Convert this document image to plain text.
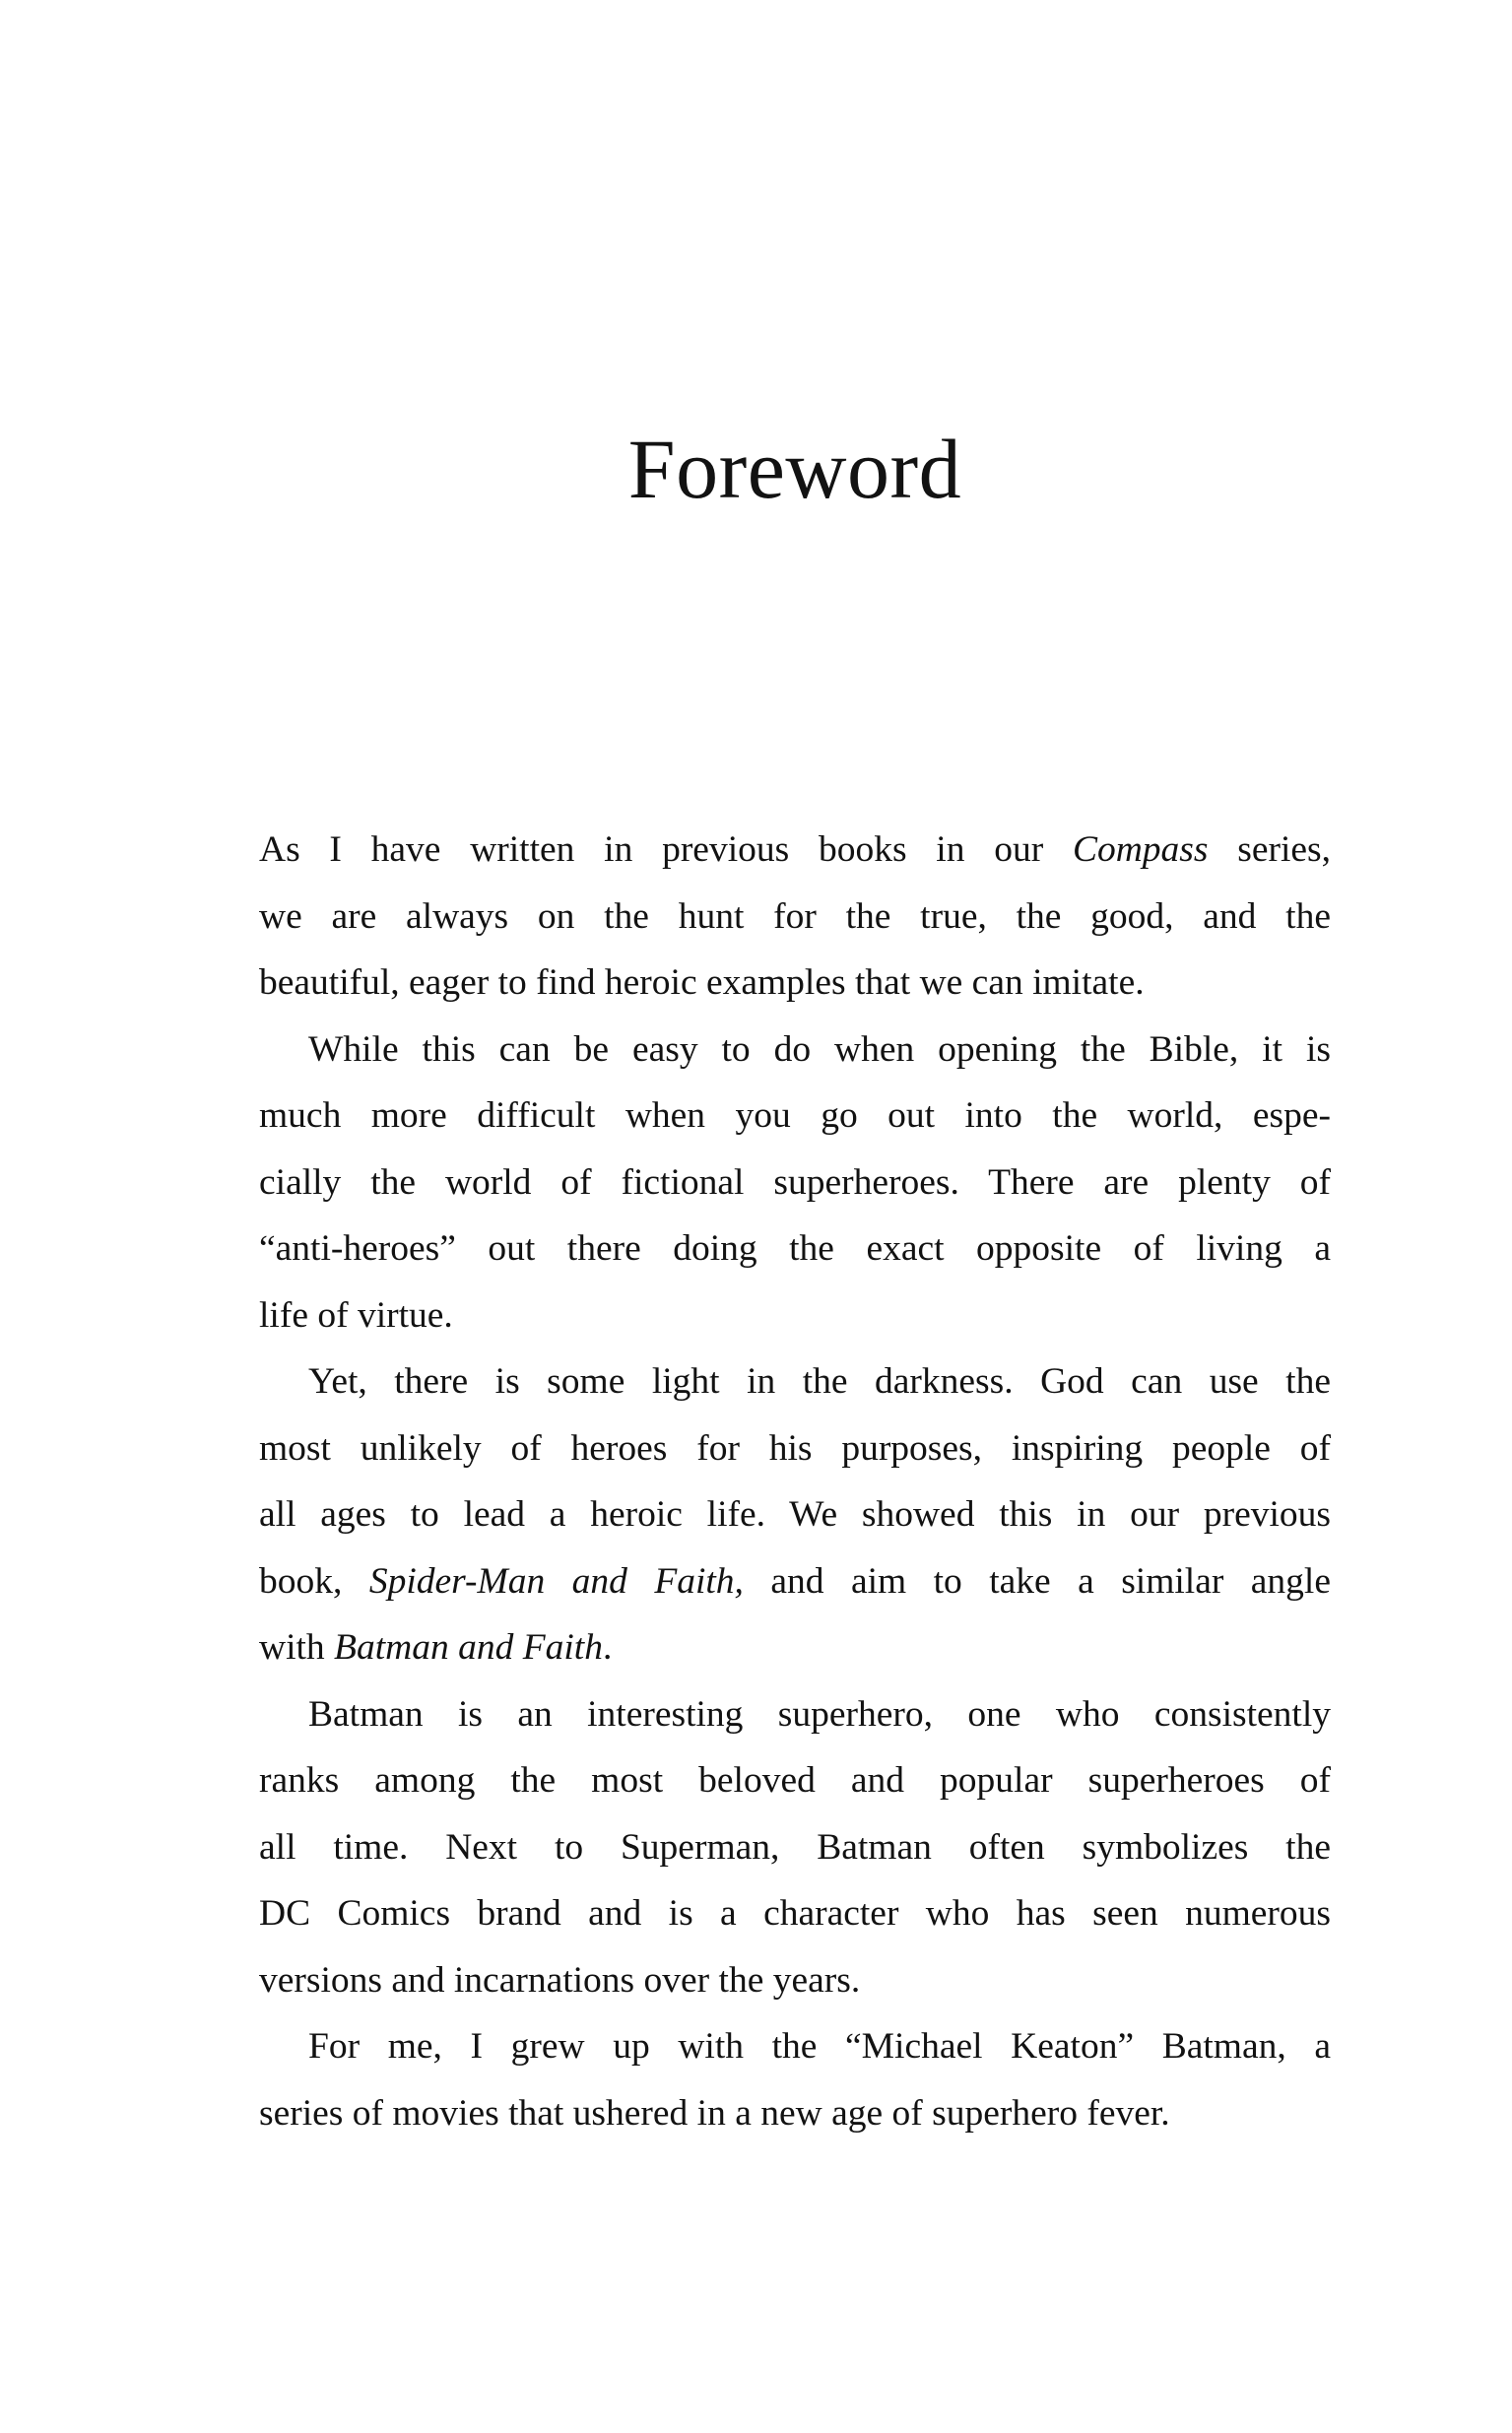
Foreword

As I have written in previous books in our Compass series,
we are always on the hunt for the true, the good, and the
beautiful, eager to find heroic examples that we can imitate.

While this can be easy to do when opening the Bible, it is
much more difficult when you go out into the world, espe-
cially the world of fictional superheroes. There are plenty of
“anti-heroes” out there doing the exact opposite of living a
life of virtue.

Yet, there is some light in the darkness. God can use the
most unlikely of heroes for his purposes, inspiring people of
all ages to lead a heroic life. We showed this in our previous
book, Spider-Man and Faith, and aim to take a similar angle
with Batman and Faith.

Batman is an interesting superhero, one who consistently
ranks among the most beloved and popular superheroes of
all time. Next to Superman, Batman often symbolizes the
DC Comics brand and is a character who has seen numerous
versions and incarnations over the years.

For me, I grew up with the “Michael Keaton” Batman, a
series of movies that ushered in a new age of superhero fever.
